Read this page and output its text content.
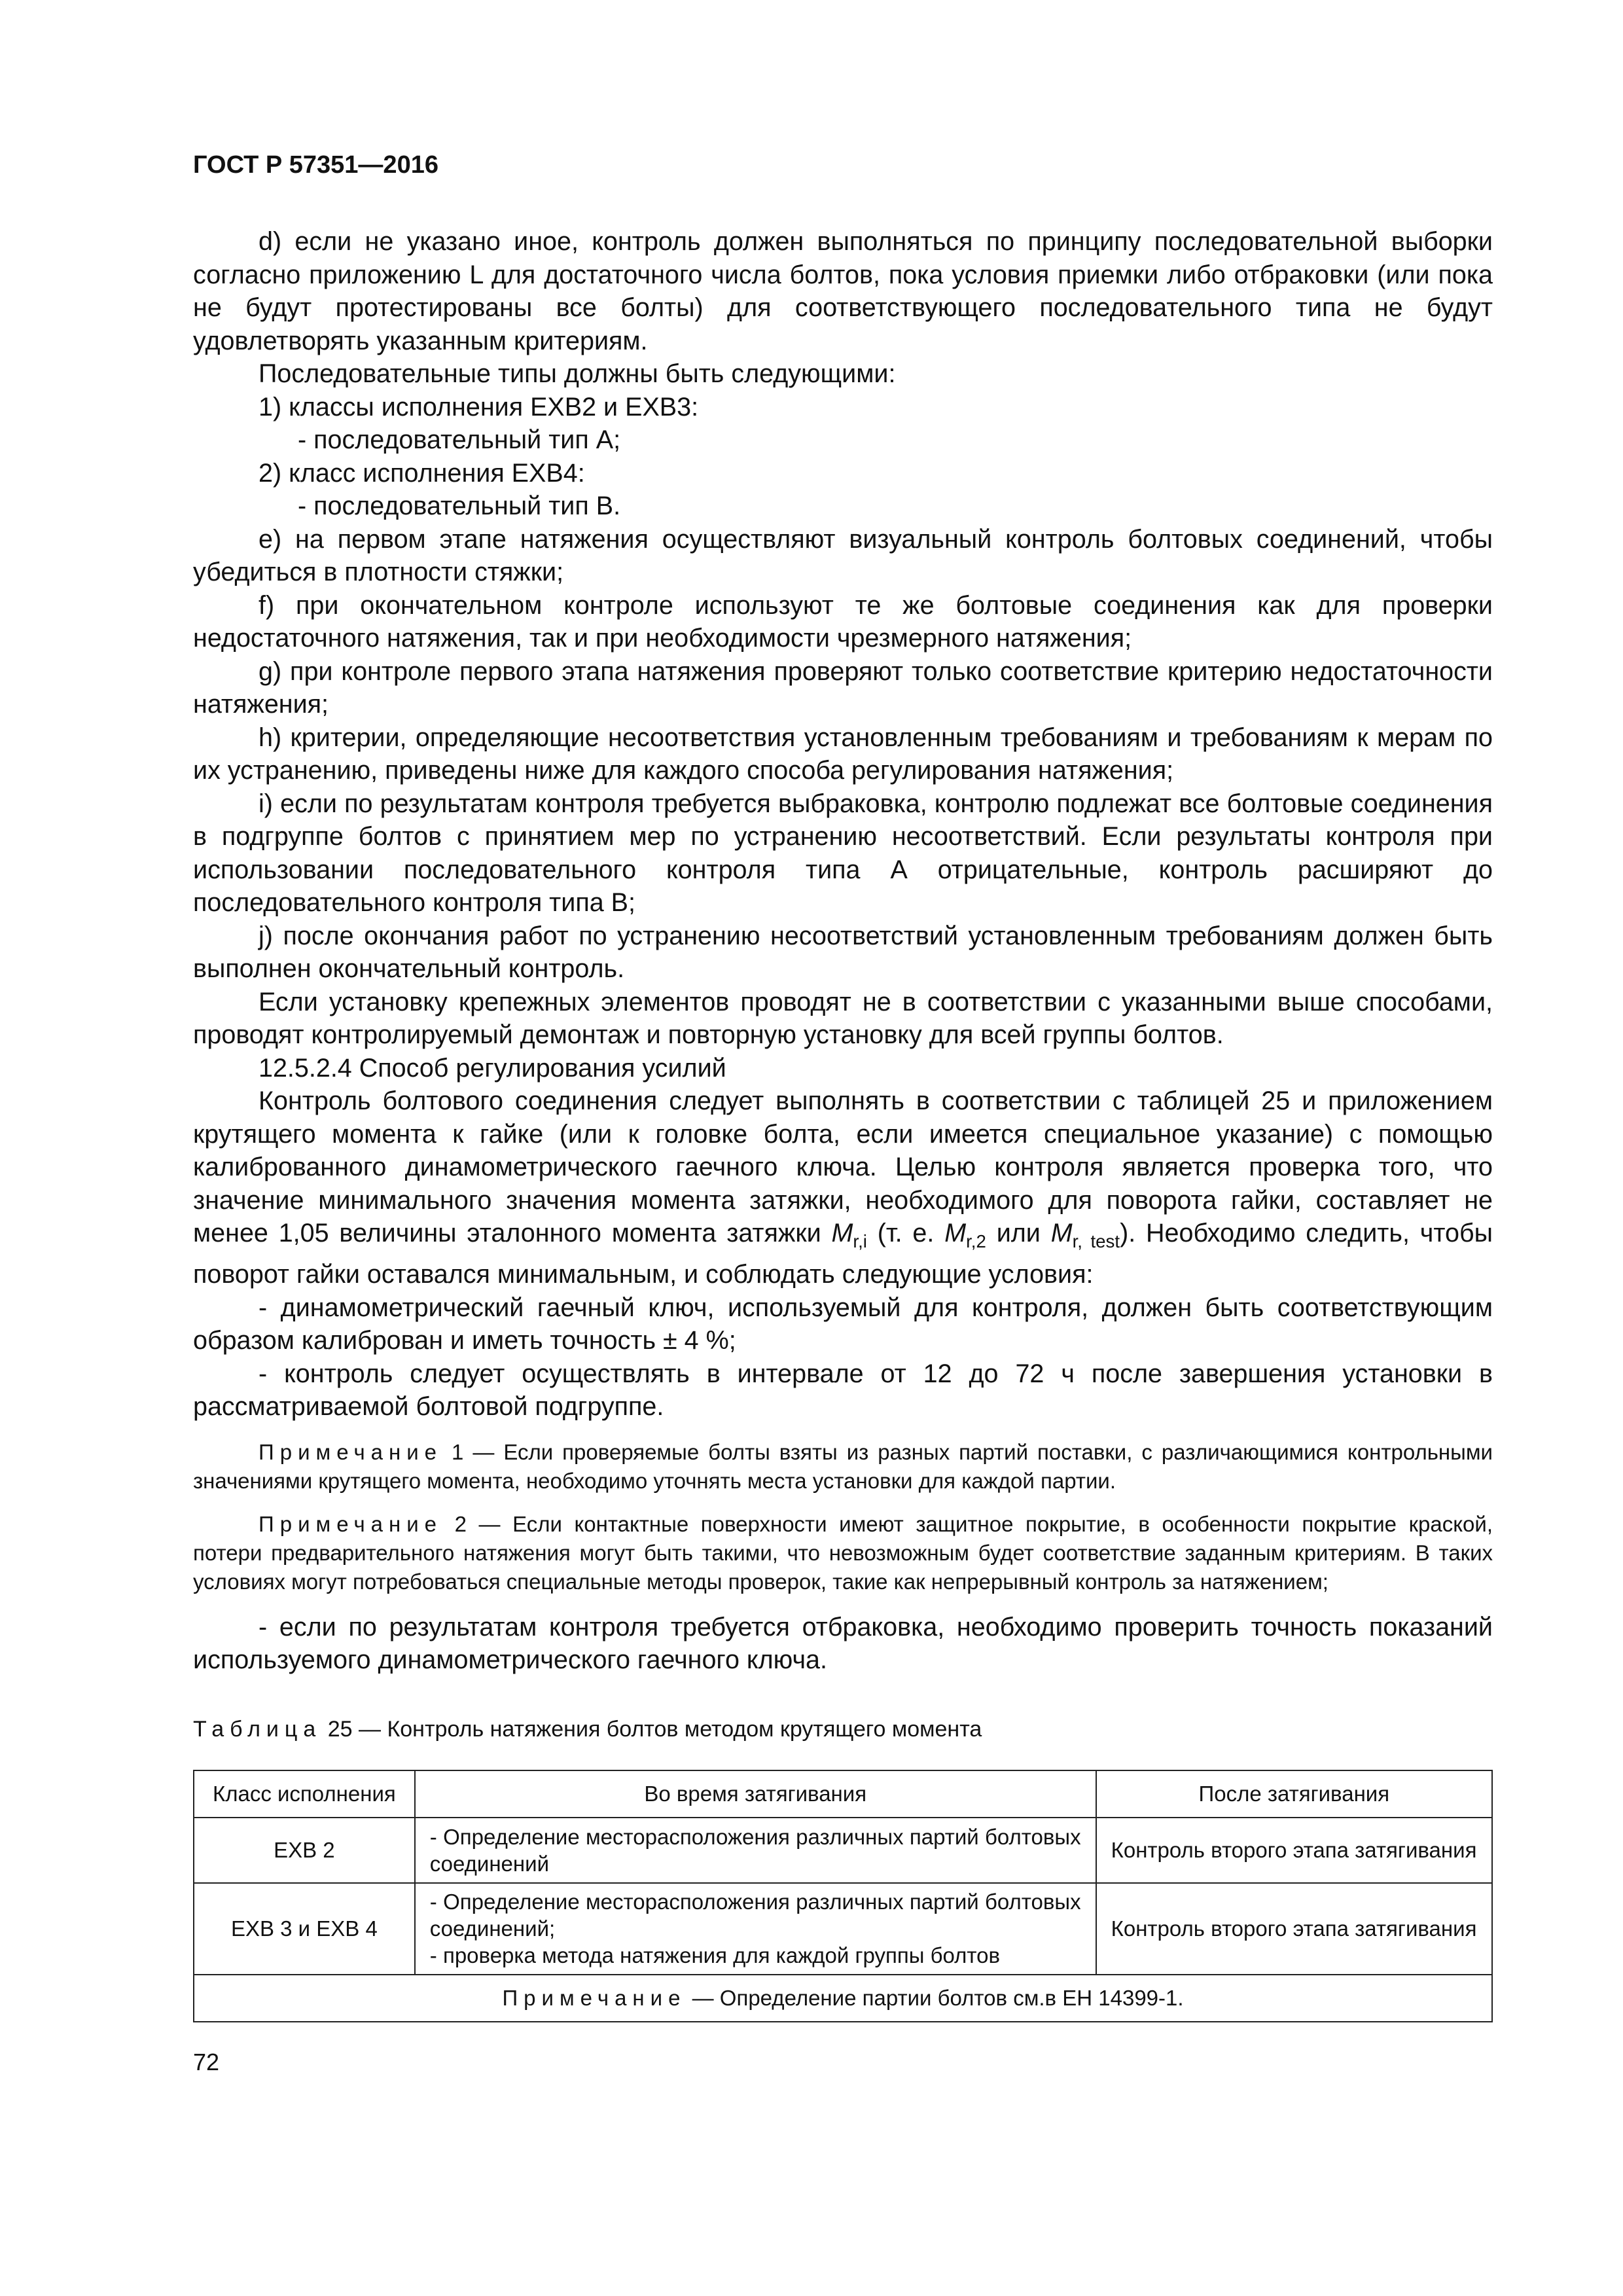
ГОСТ Р 57351—2016

d) если не указано иное, контроль должен выполняться по принципу последовательной выборки согласно приложению L для достаточного числа болтов, пока условия приемки либо отбраковки (или пока не будут протестированы все болты) для соответствующего последовательного типа не будут удовлетворять указанным критериям.

Последовательные типы должны быть следующими:

1) классы исполнения EXB2 и EXB3:

- последовательный тип А;

2) класс исполнения EXB4:

- последовательный тип В.

e) на первом этапе натяжения осуществляют визуальный контроль болтовых соединений, чтобы убедиться в плотности стяжки;

f) при окончательном контроле используют те же болтовые соединения как для проверки недостаточного натяжения, так и при необходимости чрезмерного натяжения;

g) при контроле первого этапа натяжения проверяют только соответствие критерию недостаточности натяжения;

h) критерии, определяющие несоответствия установленным требованиям и требованиям к мерам по их устранению, приведены ниже для каждого способа регулирования натяжения;

i) если по результатам контроля требуется выбраковка, контролю подлежат все болтовые соединения в подгруппе болтов с принятием мер по устранению несоответствий. Если результаты контроля при использовании последовательного контроля типа А отрицательные, контроль расширяют до последовательного контроля типа В;

j) после окончания работ по устранению несоответствий установленным требованиям должен быть выполнен окончательный контроль.

Если установку крепежных элементов проводят не в соответствии с указанными выше способами, проводят контролируемый демонтаж и повторную установку для всей группы болтов.

12.5.2.4 Способ регулирования усилий

Контроль болтового соединения следует выполнять в соответствии с таблицей 25 и приложением крутящего момента к гайке (или к головке болта, если имеется специальное указание) с помощью калиброванного динамометрического гаечного ключа. Целью контроля является проверка того, что значение минимального значения момента затяжки, необходимого для поворота гайки, составляет не менее 1,05 величины эталонного момента затяжки $M_{r,i}$ (т. е. $M_{r,2}$ или $M_{r, test}$). Необходимо следить, чтобы поворот гайки оставался минимальным, и соблюдать следующие условия:

- динамометрический гаечный ключ, используемый для контроля, должен быть соответствующим образом калиброван и иметь точность ± 4 %;

- контроль следует осуществлять в интервале от 12 до 72 ч после завершения установки в рассматриваемой болтовой подгруппе.

Примечание 1 — Если проверяемые болты взяты из разных партий поставки, с различающимися контрольными значениями крутящего момента, необходимо уточнять места установки для каждой партии.

Примечание 2 — Если контактные поверхности имеют защитное покрытие, в особенности покрытие краской, потери предварительного натяжения могут быть такими, что невозможным будет соответствие заданным критериям. В таких условиях могут потребоваться специальные методы проверок, такие как непрерывный контроль за натяжением;

- если по результатам контроля требуется отбраковка, необходимо проверить точность показаний используемого динамометрического гаечного ключа.

Таблица 25 — Контроль натяжения болтов методом крутящего момента
Класс исполнения	Во время затягивания	После затягивания
EXB 2	- Определение месторасположения различных партий болтовых соединений	Контроль второго этапа затягивания
EXB 3 и EXB 4	- Определение месторасположения различных партий болтовых соединений;
- проверка метода натяжения для каждой группы болтов	Контроль второго этапа затягивания
Примечание — Определение партии болтов см.в ЕН 14399-1.		
72
